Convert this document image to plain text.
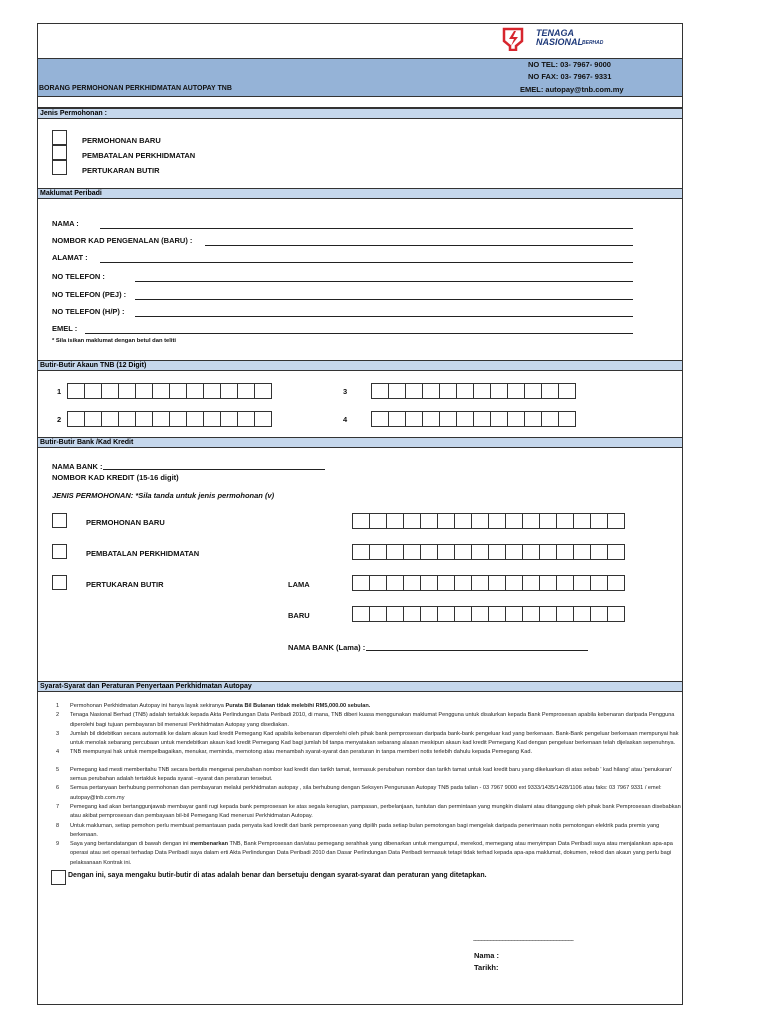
TENAGA
NASIONAL BERHAD
BORANG PERMOHONAN PERKHIDMATAN AUTOPAY TNB
NO TEL: 03- 7967- 9000
NO FAX: 03- 7967- 9331
EMEL: autopay@tnb.com.my
Jenis Permohonan :
PERMOHONAN BARU
PEMBATALAN PERKHIDMATAN
PERTUKARAN BUTIR
Maklumat Peribadi
NAMA :
NOMBOR KAD PENGENALAN (BARU) :
ALAMAT :
NO TELEFON :
NO TELEFON (PEJ) :
NO TELEFON (H/P) :
EMEL :
* Sila isikan maklumat dengan betul dan teliti
Butir-Butir Akaun TNB (12 Digit)
1
2
3
4
Butir-Butir Bank /Kad Kredit
NAMA BANK :
NOMBOR KAD KREDIT (15-16 digit)
JENIS PERMOHONAN: *Sila tanda untuk jenis permohonan (v)
PERMOHONAN BARU
PEMBATALAN PERKHIDMATAN
PERTUKARAN BUTIR	LAMA
BARU
NAMA BANK (Lama) :
Syarat-Syarat dan Peraturan Penyertaan Perkhidmatan Autopay
1	Permohonan Perkhidmatan Autopay ini hanya layak sekiranya Purata Bil Bulanan tidak melebihi RM5,000.00 sebulan.
2	Tenaga Nasional Berhad (TNB) adalah tertakluk kepada Akta Perlindungan Data Peribadi 2010, di mana, TNB diberi kuasa menggunakan maklumat Pengguna untuk disalurkan kepada Bank Pemprosesan apabila kebenaran daripada Pengguna diperolehi bagi tujuan pembayaran bil menerusi Perkhidmatan Autopay yang disediakan.
3	Jumlah bil didebitkan secara automatik ke dalam akaun kad kredit Pemegang Kad apabila kebenaran diperolehi oleh pihak bank pemprosesan daripada bank-bank pengeluar kad yang berkenaan. Bank-Bank pengeluar berkenaan mempunyai hak untuk menolak sebarang percubaan untuk mendebitkan akaun kad kredit Pemegang Kad bagi jumlah bil tanpa menyatakan sebarang alasan meskipun akaun kad kredit Pemegang Kad dengan pengeluar berkenaan telah dijelaskan sepenuhnya.
4	TNB mempunyai hak untuk mempelbagaikan, menukar, meminda, memotong atau menambah syarat-syarat dan peraturan in tanpa memberi notis terlebih dahulu kepada Pemegang Kad.
5	Pemegang kad mesti memberitahu TNB secara bertulis mengenai perubahan nombor kad kredit dan tarikh tamat, termasuk perubahan nombor dan tarikh tamat untuk kad kredit baru yang dikeluarkan di atas sebab ' kad hilang' atau 'penukaran' semua perubahan adalah tertakluk kepada syarat –syarat dan peraturan tersebut.
6	Semua pertanyaan berhubung permohonan dan pembayaran melalui perkhidmatan autopay , sila berhubung dengan Seksyen Pengurusan Autopay TNB pada talian - 03 7967 9000 ext 9333/1435/1428/1106 atau faks: 03 7967 9331 / emel: autopay@tnb.com.my
7	Pemegang kad akan bertanggunjawab membayar ganti rugi kepada bank pemprosesan ke atas segala kerugian, pampasan, perbelanjaan, tuntutan dan permintaan yang mungkin dialami atau ditanggung oleh pihak bank Pemprosesan disebabkan atau akibat pemprosesan dan pembayaan bil-bil Pemegang Kad menerusi Perkhidmatan Autopay.
8	Untuk makluman, setiap pemohon perlu membuat pemantauan pada penyata kad kredit dari bank pemprosesan yang dipilih pada setiap bulan pemotongan bagi mengelak daripada penerimaan notis pemotongan elektrik pada premis yang berkenaan.
9	Saya yang bertandatangan di bawah dengan ini membenarkan TNB, Bank Pemprosesan dan/atau pemegang serahhak yang dibenarkan untuk mengumpul, merekod, memegang atau menyimpan Data Peribadi saya atau menjalankan apa-apa operasi atau set operasi terhadap Data Peribadi saya dalam erti Akta Perlindungan Data Peribadi 2010 dan Dasar Perlindungan Data Peribadi termasuk tetapi tidak terhad kepada apa-apa maklumat, dokumen, rekod dan akaun yang perlu bagi pelaksanaan Kontrak ini.
Dengan ini, saya mengaku butir-butir di atas adalah benar dan bersetuju dengan syarat-syarat dan peraturan yang ditetapkan.
-------------------------------------------------------------------
Nama :
Tarikh:
